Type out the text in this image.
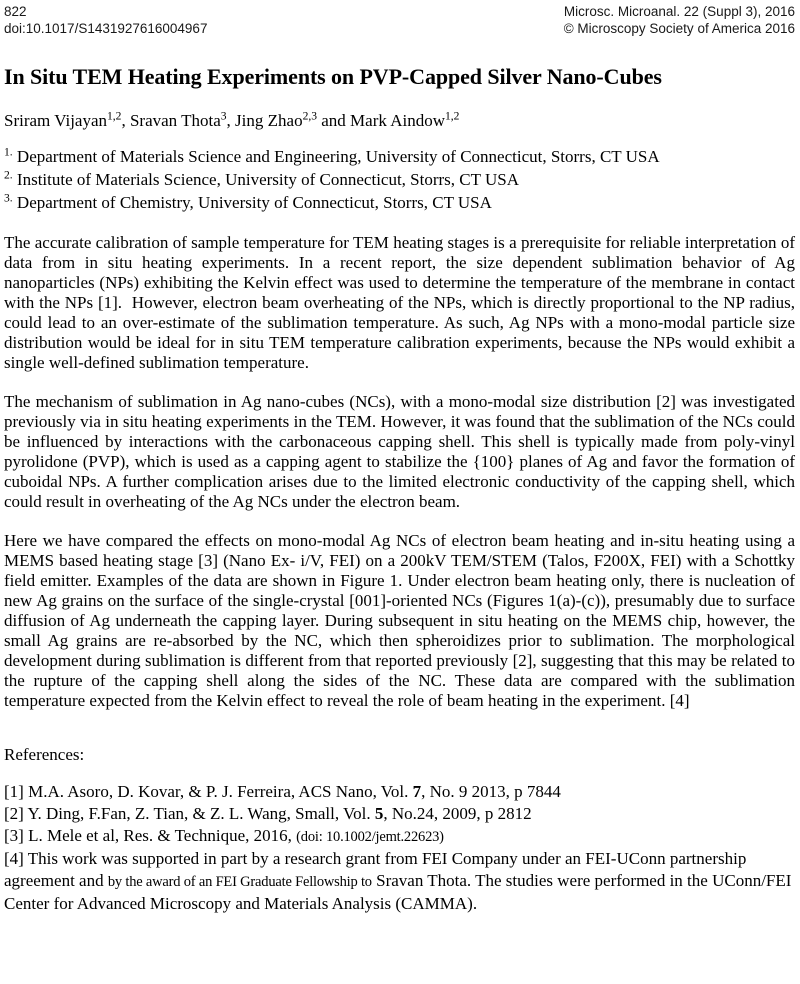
822
doi:10.1017/S1431927616004967
Microsc. Microanal. 22 (Suppl 3), 2016
© Microscopy Society of America 2016
In Situ TEM Heating Experiments on PVP-Capped Silver Nano-Cubes
Sriram Vijayan$^{1,2}$, Sravan Thota$^3$, Jing Zhao$^{2,3}$ and Mark Aindow$^{1,2}$
$^{1.}$ Department of Materials Science and Engineering, University of Connecticut, Storrs, CT USA
$^{2.}$ Institute of Materials Science, University of Connecticut, Storrs, CT USA
$^{3.}$ Department of Chemistry, University of Connecticut, Storrs, CT USA

The accurate calibration of sample temperature for TEM heating stages is a prerequisite for reliable interpretation of data from in situ heating experiments. In a recent report, the size dependent sublimation behavior of Ag nanoparticles (NPs) exhibiting the Kelvin effect was used to determine the temperature of the membrane in contact with the NPs [1].  However, electron beam overheating of the NPs, which is directly proportional to the NP radius, could lead to an over-estimate of the sublimation temperature. As such, Ag NPs with a mono-modal particle size distribution would be ideal for in situ TEM temperature calibration experiments, because the NPs would exhibit a single well-defined sublimation temperature.

The mechanism of sublimation in Ag nano-cubes (NCs), with a mono-modal size distribution [2] was investigated previously via in situ heating experiments in the TEM. However, it was found that the sublimation of the NCs could be influenced by interactions with the carbonaceous capping shell. This shell is typically made from poly-vinyl pyrolidone (PVP), which is used as a capping agent to stabilize the {100} planes of Ag and favor the formation of cuboidal NPs. A further complication arises due to the limited electronic conductivity of the capping shell, which could result in overheating of the Ag NCs under the electron beam.

Here we have compared the effects on mono-modal Ag NCs of electron beam heating and in-situ heating using a MEMS based heating stage [3] (Nano Ex- i/V, FEI) on a 200kV TEM/STEM (Talos, F200X, FEI) with a Schottky field emitter. Examples of the data are shown in Figure 1. Under electron beam heating only, there is nucleation of new Ag grains on the surface of the single-crystal [001]-oriented NCs (Figures 1(a)-(c)), presumably due to surface diffusion of Ag underneath the capping layer. During subsequent in situ heating on the MEMS chip, however, the small Ag grains are re-absorbed by the NC, which then spheroidizes prior to sublimation. The morphological development during sublimation is different from that reported previously [2], suggesting that this may be related to the rupture of the capping shell along the sides of the NC. These data are compared with the sublimation temperature expected from the Kelvin effect to reveal the role of beam heating in the experiment. [4]

References:
[1] M.A. Asoro, D. Kovar, & P. J. Ferreira, ACS Nano, Vol. 7, No. 9 2013, p 7844
[2] Y. Ding, F.Fan, Z. Tian, & Z. L. Wang, Small, Vol. 5, No.24, 2009, p 2812
[3] L. Mele et al, Res. & Technique, 2016, (doi: 10.1002/jemt.22623)
[4] This work was supported in part by a research grant from FEI Company under an FEI-UConn partnership agreement and by the award of an FEI Graduate Fellowship to Sravan Thota. The studies were performed in the UConn/FEI Center for Advanced Microscopy and Materials Analysis (CAMMA).
